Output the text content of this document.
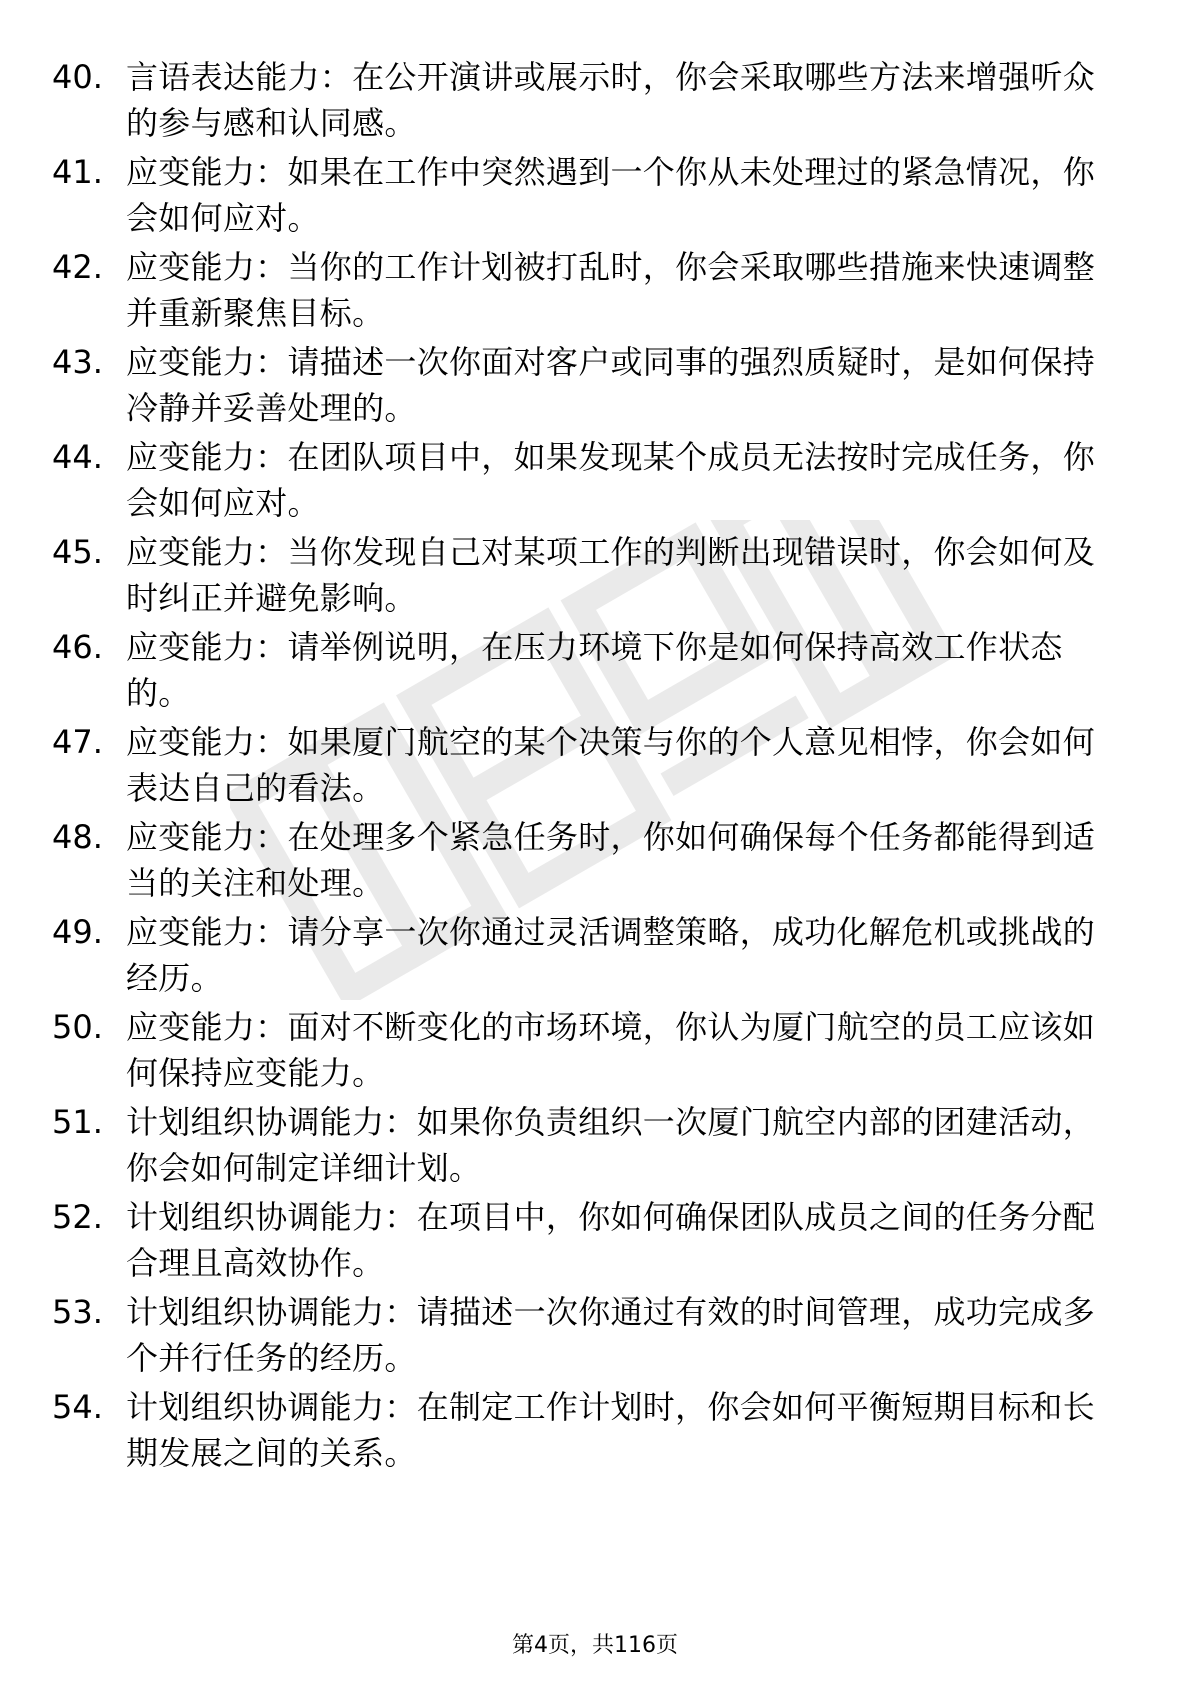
40. 言语表达能力：在公开演讲或展示时，你会采取哪些方法来增强听众的参与感和认同感。
41. 应变能力：如果在工作中突然遇到一个你从未处理过的紧急情况，你会如何应对。
42. 应变能力：当你的工作计划被打乱时，你会采取哪些措施来快速调整并重新聚焦目标。
43. 应变能力：请描述一次你面对客户或同事的强烈质疑时，是如何保持冷静并妥善处理的。
44. 应变能力：在团队项目中，如果发现某个成员无法按时完成任务，你会如何应对。
45. 应变能力：当你发现自己对某项工作的判断出现错误时，你会如何及时纠正并避免影响。
46. 应变能力：请举例说明，在压力环境下你是如何保持高效工作状态的。
47. 应变能力：如果厦门航空的某个决策与你的个人意见相悖，你会如何表达自己的看法。
48. 应变能力：在处理多个紧急任务时，你如何确保每个任务都能得到适当的关注和处理。
49. 应变能力：请分享一次你通过灵活调整策略，成功化解危机或挑战的经历。
50. 应变能力：面对不断变化的市场环境，你认为厦门航空的员工应该如何保持应变能力。
51. 计划组织协调能力：如果你负责组织一次厦门航空内部的团建活动，你会如何制定详细计划。
52. 计划组织协调能力：在项目中，你如何确保团队成员之间的任务分配合理且高效协作。
53. 计划组织协调能力：请描述一次你通过有效的时间管理，成功完成多个并行任务的经历。
54. 计划组织协调能力：在制定工作计划时，你会如何平衡短期目标和长期发展之间的关系。
第4页，共116页
